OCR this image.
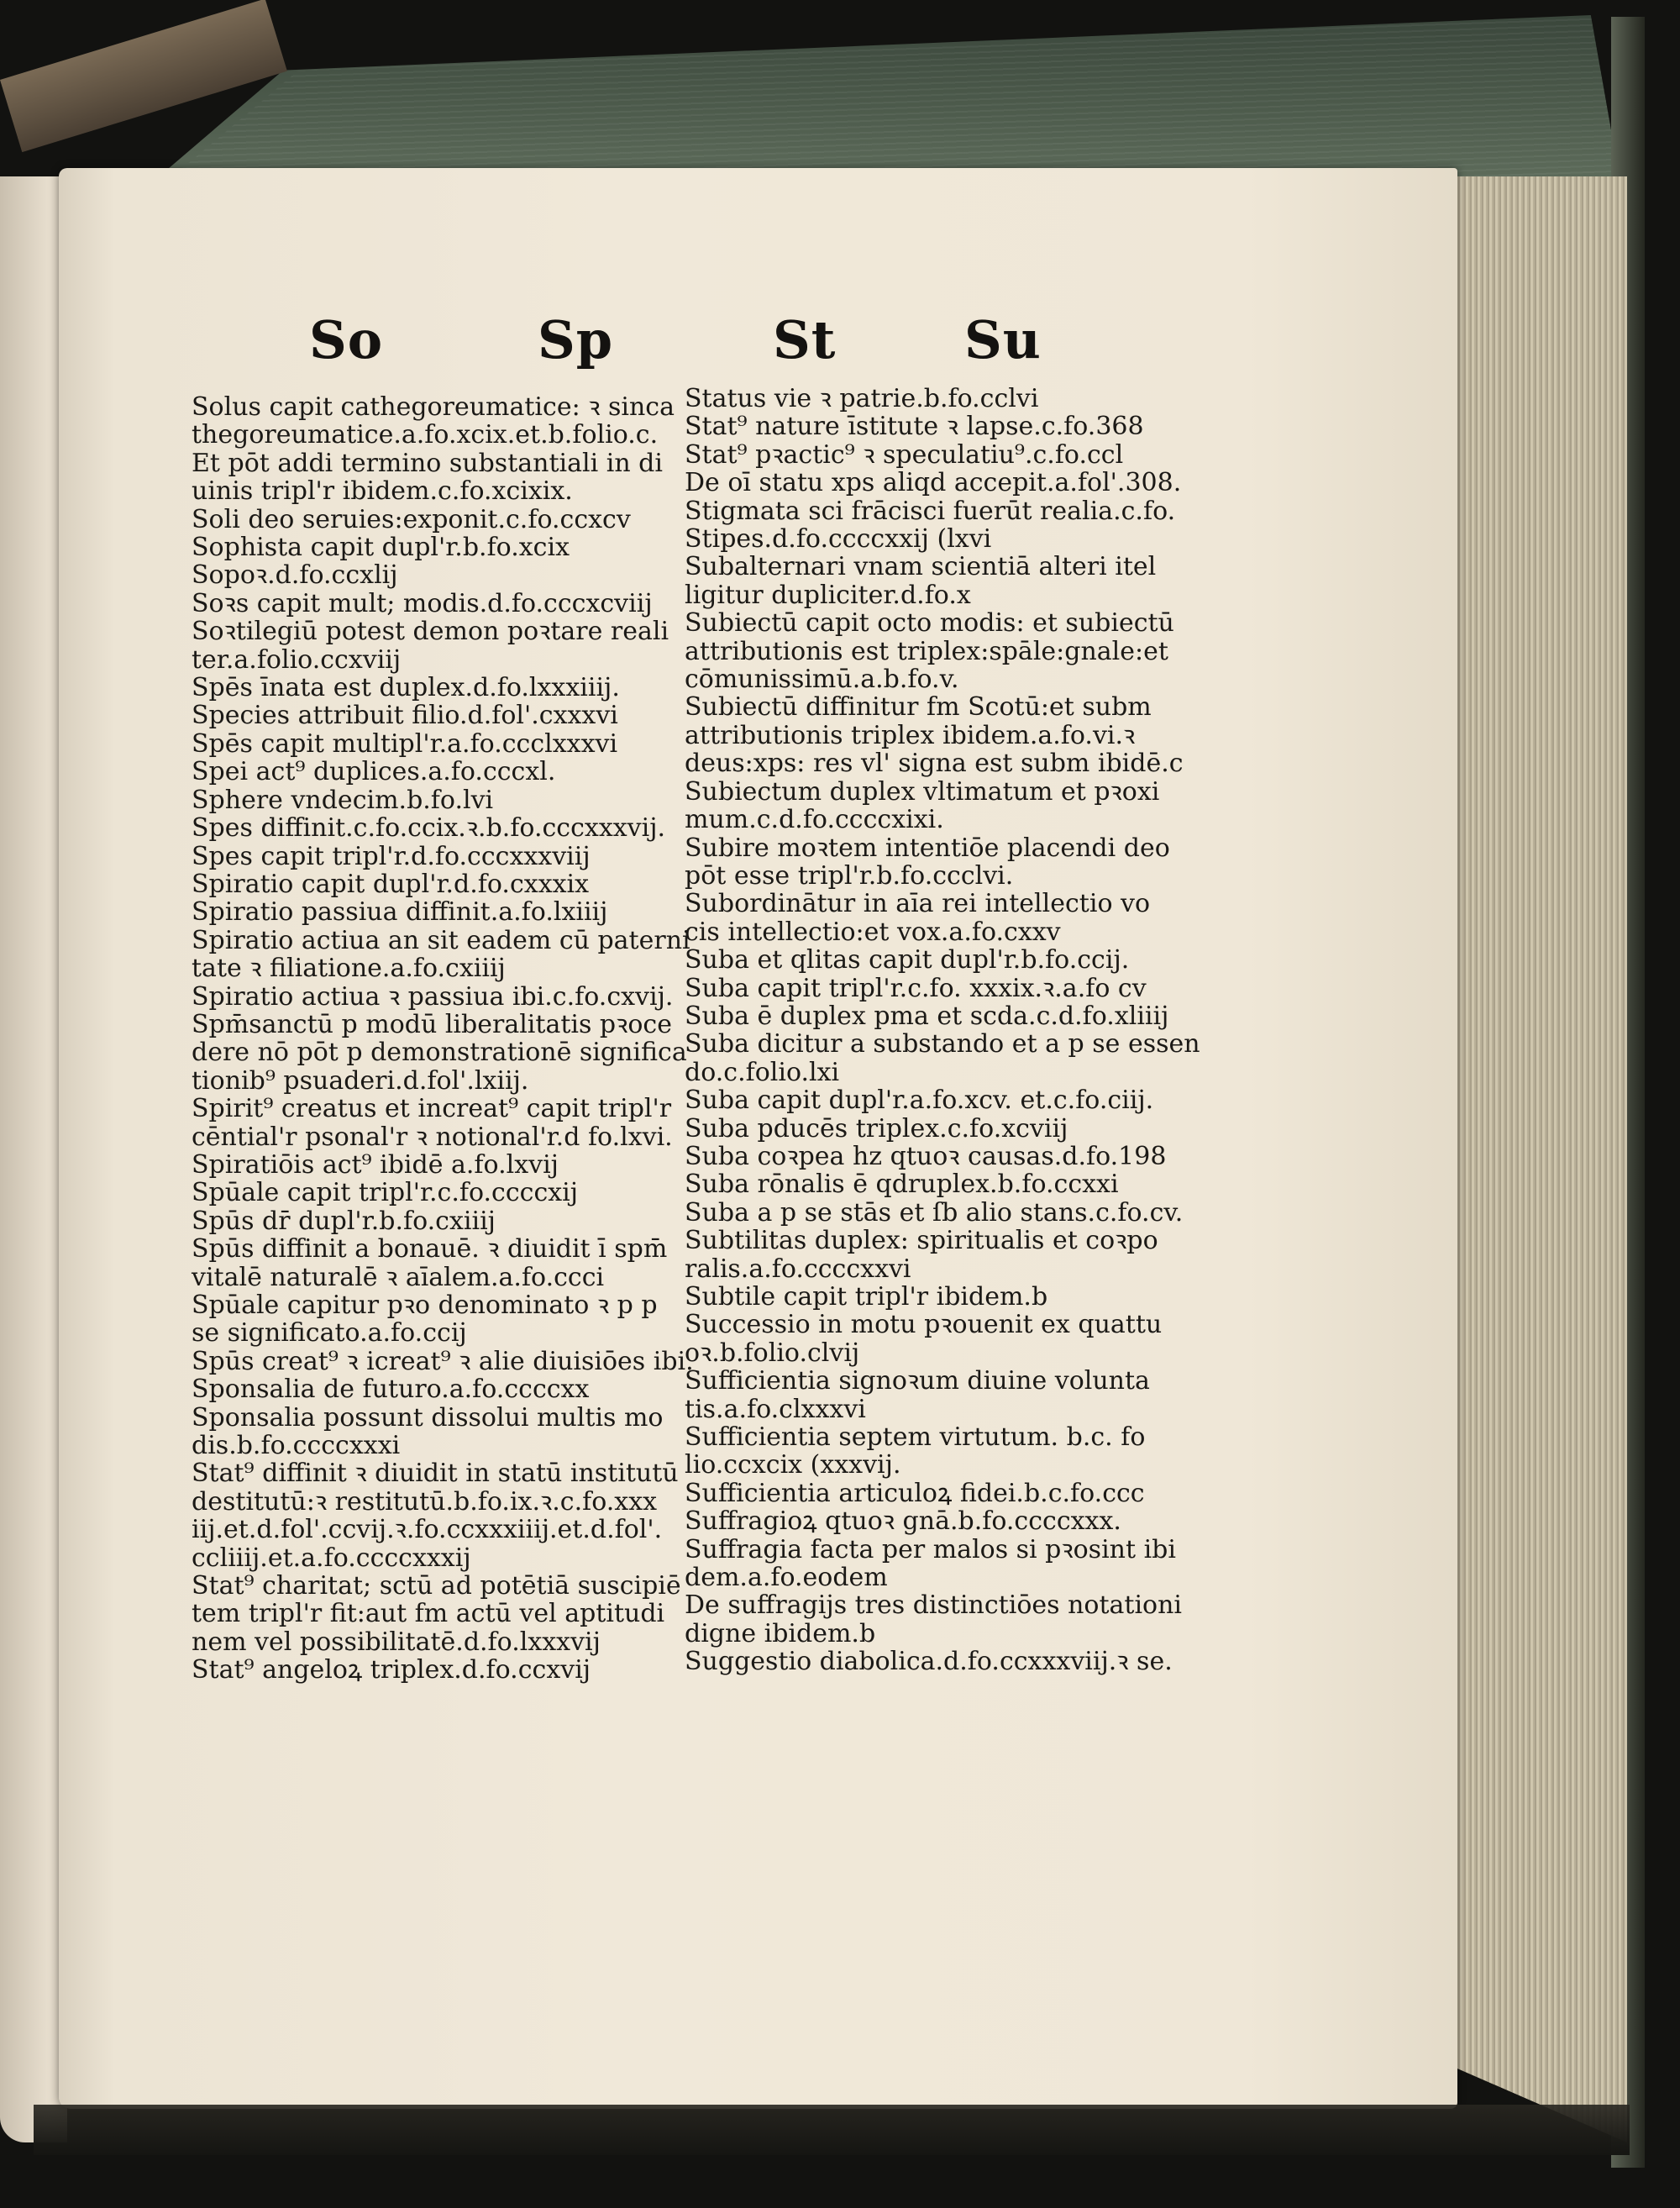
So	Sp	St Su
Solus capit cathegoreumatice: ꝛ sinca
thegoreumatice.a.fo.xcix.et.b.folio.c.
Et pōt addi termino substantiali in di
uinis tripl'r ibidem.c.fo.xcixix.
Soli deo seruies:exponit.c.fo.ccxcv
Sophista capit dupl'r.b.fo.xcix
Sopoꝛ.d.fo.ccxlij
Soꝛs capit mult; modis.d.fo.cccxcviij
Soꝛtilegiū potest demon poꝛtare reali
ter.a.folio.ccxviij
Spēs īnata est duplex.d.fo.lxxxiiij.
Species attribuit filio.d.fol'.cxxxvi
Spēs capit multipl'r.a.fo.ccclxxxvi
Spei act⁹ duplices.a.fo.cccxl.
Sphere vndecim.b.fo.lvi
Spes diffinit.c.fo.ccix.ꝛ.b.fo.cccxxxvij.
Spes capit tripl'r.d.fo.cccxxxviij
Spiratio capit dupl'r.d.fo.cxxxix
Spiratio passiua diffinit.a.fo.lxiiij
Spiratio actiua an sit eadem cū paterni
tate ꝛ filiatione.a.fo.cxiiij
Spiratio actiua ꝛ passiua ibi.c.fo.cxvij.
Spm̄sanctū p modū liberalitatis pꝛoce
dere nō pōt p demonstrationē significa
tionib⁹ psuaderi.d.fol'.lxiij.
Spirit⁹ creatus et increat⁹ capit tripl'r
cēntial'r psonal'r ꝛ notional'r.d fo.lxvi.
Spiratiōis act⁹ ibidē a.fo.lxvij
Spūale capit tripl'r.c.fo.ccccxij
Spūs dr̄ dupl'r.b.fo.cxiiij
Spūs diffinit a bonauē. ꝛ diuidit ī spm̄
vitalē naturalē ꝛ aīalem.a.fo.ccci
Spūale capitur pꝛo denominato ꝛ p p
se significato.a.fo.ccij
Spūs creat⁹ ꝛ icreat⁹ ꝛ alie diuisiōes ibi.
Sponsalia de futuro.a.fo.ccccxx
Sponsalia possunt dissolui multis mo
dis.b.fo.ccccxxxi
Stat⁹ diffinit ꝛ diuidit in statū institutū
destitutū:ꝛ restitutū.b.fo.ix.ꝛ.c.fo.xxx
iij.et.d.fol'.ccvij.ꝛ.fo.ccxxxiiij.et.d.fol'.
ccliiij.et.a.fo.ccccxxxij
Stat⁹ charitat; sctū ad potētiā suscipiē
tem tripl'r fit:aut fm actū vel aptitudi
nem vel possibilitatē.d.fo.lxxxvij
Stat⁹ angeloꝝ triplex.d.fo.ccxvij
Status vie ꝛ patrie.b.fo.cclvi
Stat⁹ nature īstitute ꝛ lapse.c.fo.368
Stat⁹ pꝛactic⁹ ꝛ speculatiu⁹.c.fo.ccl
De oī statu xps aliqd accepit.a.fol'.308.
Stigmata sci frācisci fuerūt realia.c.fo.
Stipes.d.fo.ccccxxij (lxvi
Subalternari vnam scientiā alteri itel
ligitur dupliciter.d.fo.x
Subiectū capit octo modis: et subiectū
attributionis est triplex:spāle:gnale:et
cōmunissimū.a.b.fo.v.
Subiectū diffinitur fm Scotū:et subm
attributionis triplex ibidem.a.fo.vi.ꝛ
deus:xps: res vl' signa est subm ibidē.c
Subiectum duplex vltimatum et pꝛoxi
mum.c.d.fo.ccccxixi.
Subire moꝛtem intentiōe placendi deo
pōt esse tripl'r.b.fo.ccclvi.
Subordinātur in aīa rei intellectio vo
cis intellectio:et vox.a.fo.cxxv
Suba et qlitas capit dupl'r.b.fo.ccij.
Suba capit tripl'r.c.fo. xxxix.ꝛ.a.fo cv
Suba ē duplex pma et scda.c.d.fo.xliiij
Suba dicitur a substando et a p se essen
do.c.folio.lxi
Suba capit dupl'r.a.fo.xcv. et.c.fo.ciij.
Suba pducēs triplex.c.fo.xcviij
Suba coꝛpea hz qtuoꝛ causas.d.fo.198
Suba rōnalis ē qdruplex.b.fo.ccxxi
Suba a p se stās et ſb alio stans.c.fo.cv.
Subtilitas duplex: spiritualis et coꝛpo
ralis.a.fo.ccccxxvi
Subtile capit tripl'r ibidem.b
Successio in motu pꝛouenit ex quattu
oꝛ.b.folio.clvij
Sufficientia signoꝛum diuine volunta
tis.a.fo.clxxxvi
Sufficientia septem virtutum. b.c. fo
lio.ccxcix (xxxvij.
Sufficientia articuloꝝ fidei.b.c.fo.ccc
Suffragioꝝ qtuoꝛ gnā.b.fo.ccccxxx.
Suffragia facta per malos si pꝛosint ibi
dem.a.fo.eodem
De suffragijs tres distinctiōes notationi
digne ibidem.b
Suggestio diabolica.d.fo.ccxxxviij.ꝛ se.
